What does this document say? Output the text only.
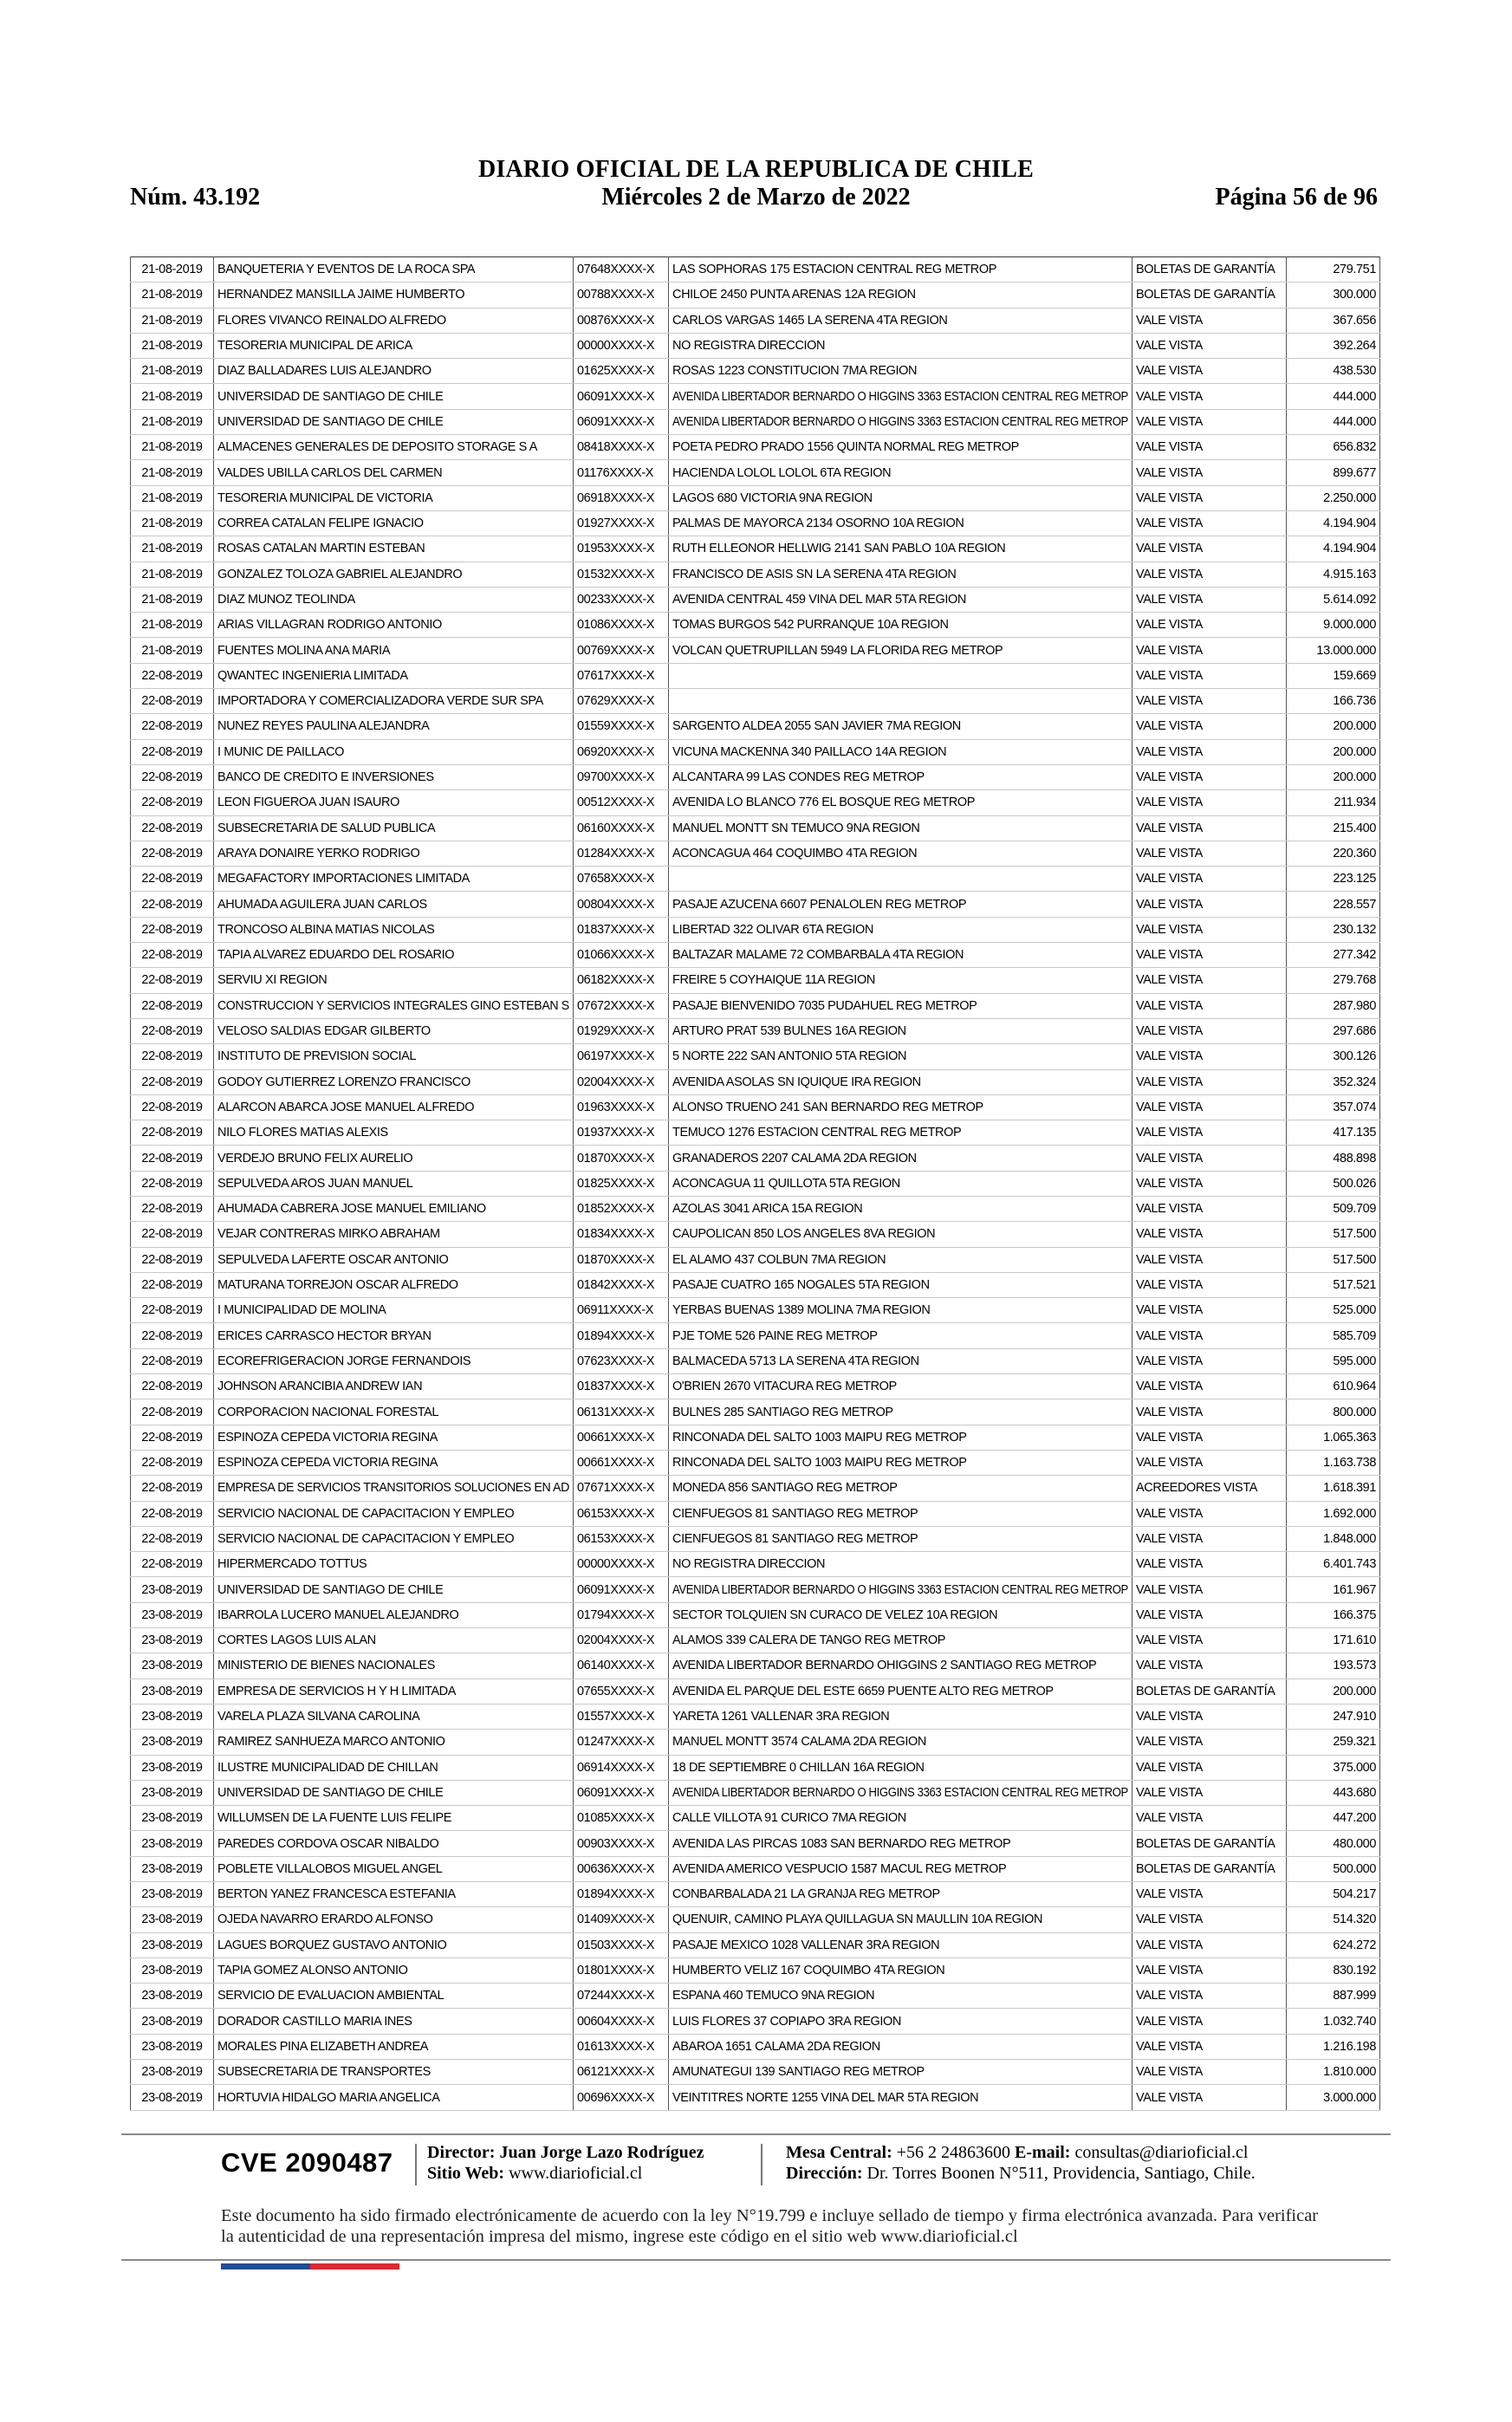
DIARIO OFICIAL DE LA REPUBLICA DE CHILE
Núm. 43.192	Miércoles 2 de Marzo de 2022	Página 56 de 96
21-08-2019	BANQUETERIA Y EVENTOS DE LA ROCA SPA	07648XXXX-X	LAS SOPHORAS 175 ESTACION CENTRAL REG METROP	BOLETAS DE GARANTÍA	279.751
21-08-2019	HERNANDEZ MANSILLA JAIME HUMBERTO	00788XXXX-X	CHILOE 2450 PUNTA ARENAS 12A REGION	BOLETAS DE GARANTÍA	300.000
21-08-2019	FLORES VIVANCO REINALDO ALFREDO	00876XXXX-X	CARLOS VARGAS 1465 LA SERENA 4TA REGION	VALE VISTA	367.656
21-08-2019	TESORERIA MUNICIPAL DE ARICA	00000XXXX-X	NO REGISTRA DIRECCION	VALE VISTA	392.264
21-08-2019	DIAZ BALLADARES LUIS ALEJANDRO	01625XXXX-X	ROSAS 1223 CONSTITUCION 7MA REGION	VALE VISTA	438.530
21-08-2019	UNIVERSIDAD DE SANTIAGO DE CHILE	06091XXXX-X	AVENIDA LIBERTADOR BERNARDO O HIGGINS 3363 ESTACION CENTRAL REG METROP	VALE VISTA	444.000
21-08-2019	UNIVERSIDAD DE SANTIAGO DE CHILE	06091XXXX-X	AVENIDA LIBERTADOR BERNARDO O HIGGINS 3363 ESTACION CENTRAL REG METROP	VALE VISTA	444.000
21-08-2019	ALMACENES GENERALES DE DEPOSITO STORAGE S A	08418XXXX-X	POETA PEDRO PRADO 1556 QUINTA NORMAL REG METROP	VALE VISTA	656.832
21-08-2019	VALDES UBILLA CARLOS DEL CARMEN	01176XXXX-X	HACIENDA LOLOL LOLOL 6TA REGION	VALE VISTA	899.677
21-08-2019	TESORERIA MUNICIPAL DE VICTORIA	06918XXXX-X	LAGOS 680 VICTORIA 9NA REGION	VALE VISTA	2.250.000
21-08-2019	CORREA CATALAN FELIPE IGNACIO	01927XXXX-X	PALMAS DE MAYORCA 2134 OSORNO 10A REGION	VALE VISTA	4.194.904
21-08-2019	ROSAS CATALAN MARTIN ESTEBAN	01953XXXX-X	RUTH ELLEONOR HELLWIG 2141 SAN PABLO 10A REGION	VALE VISTA	4.194.904
21-08-2019	GONZALEZ TOLOZA GABRIEL ALEJANDRO	01532XXXX-X	FRANCISCO DE ASIS SN LA SERENA 4TA REGION	VALE VISTA	4.915.163
21-08-2019	DIAZ MUNOZ TEOLINDA	00233XXXX-X	AVENIDA CENTRAL 459 VINA DEL MAR 5TA REGION	VALE VISTA	5.614.092
21-08-2019	ARIAS VILLAGRAN RODRIGO ANTONIO	01086XXXX-X	TOMAS BURGOS 542 PURRANQUE 10A REGION	VALE VISTA	9.000.000
21-08-2019	FUENTES MOLINA ANA MARIA	00769XXXX-X	VOLCAN QUETRUPILLAN 5949 LA FLORIDA REG METROP	VALE VISTA	13.000.000
22-08-2019	QWANTEC INGENIERIA LIMITADA	07617XXXX-X		VALE VISTA	159.669
22-08-2019	IMPORTADORA Y COMERCIALIZADORA VERDE SUR SPA	07629XXXX-X		VALE VISTA	166.736
22-08-2019	NUNEZ REYES PAULINA ALEJANDRA	01559XXXX-X	SARGENTO ALDEA 2055 SAN JAVIER 7MA REGION	VALE VISTA	200.000
22-08-2019	I MUNIC DE PAILLACO	06920XXXX-X	VICUNA MACKENNA 340 PAILLACO 14A REGION	VALE VISTA	200.000
22-08-2019	BANCO DE CREDITO E INVERSIONES	09700XXXX-X	ALCANTARA 99 LAS CONDES REG METROP	VALE VISTA	200.000
22-08-2019	LEON FIGUEROA JUAN ISAURO	00512XXXX-X	AVENIDA LO BLANCO 776 EL BOSQUE REG METROP	VALE VISTA	211.934
22-08-2019	SUBSECRETARIA DE SALUD PUBLICA	06160XXXX-X	MANUEL MONTT SN TEMUCO 9NA REGION	VALE VISTA	215.400
22-08-2019	ARAYA DONAIRE YERKO RODRIGO	01284XXXX-X	ACONCAGUA 464 COQUIMBO 4TA REGION	VALE VISTA	220.360
22-08-2019	MEGAFACTORY IMPORTACIONES LIMITADA	07658XXXX-X		VALE VISTA	223.125
22-08-2019	AHUMADA AGUILERA JUAN CARLOS	00804XXXX-X	PASAJE AZUCENA 6607 PENALOLEN REG METROP	VALE VISTA	228.557
22-08-2019	TRONCOSO ALBINA MATIAS NICOLAS	01837XXXX-X	LIBERTAD 322 OLIVAR 6TA REGION	VALE VISTA	230.132
22-08-2019	TAPIA ALVAREZ EDUARDO DEL ROSARIO	01066XXXX-X	BALTAZAR MALAME 72 COMBARBALA 4TA REGION	VALE VISTA	277.342
22-08-2019	SERVIU XI REGION	06182XXXX-X	FREIRE 5 COYHAIQUE 11A REGION	VALE VISTA	279.768
22-08-2019	CONSTRUCCION Y SERVICIOS INTEGRALES GINO ESTEBAN S	07672XXXX-X	PASAJE BIENVENIDO 7035 PUDAHUEL REG METROP	VALE VISTA	287.980
22-08-2019	VELOSO SALDIAS EDGAR GILBERTO	01929XXXX-X	ARTURO PRAT 539 BULNES 16A REGION	VALE VISTA	297.686
22-08-2019	INSTITUTO DE PREVISION SOCIAL	06197XXXX-X	5 NORTE 222 SAN ANTONIO 5TA REGION	VALE VISTA	300.126
22-08-2019	GODOY GUTIERREZ LORENZO FRANCISCO	02004XXXX-X	AVENIDA ASOLAS SN IQUIQUE IRA REGION	VALE VISTA	352.324
22-08-2019	ALARCON ABARCA JOSE MANUEL ALFREDO	01963XXXX-X	ALONSO TRUENO 241 SAN BERNARDO REG METROP	VALE VISTA	357.074
22-08-2019	NILO FLORES MATIAS ALEXIS	01937XXXX-X	TEMUCO 1276 ESTACION CENTRAL REG METROP	VALE VISTA	417.135
22-08-2019	VERDEJO BRUNO FELIX AURELIO	01870XXXX-X	GRANADEROS 2207 CALAMA 2DA REGION	VALE VISTA	488.898
22-08-2019	SEPULVEDA AROS JUAN MANUEL	01825XXXX-X	ACONCAGUA 11 QUILLOTA 5TA REGION	VALE VISTA	500.026
22-08-2019	AHUMADA CABRERA JOSE MANUEL EMILIANO	01852XXXX-X	AZOLAS 3041 ARICA 15A REGION	VALE VISTA	509.709
22-08-2019	VEJAR CONTRERAS MIRKO ABRAHAM	01834XXXX-X	CAUPOLICAN 850 LOS ANGELES 8VA REGION	VALE VISTA	517.500
22-08-2019	SEPULVEDA LAFERTE OSCAR ANTONIO	01870XXXX-X	EL ALAMO 437 COLBUN 7MA REGION	VALE VISTA	517.500
22-08-2019	MATURANA TORREJON OSCAR ALFREDO	01842XXXX-X	PASAJE CUATRO 165 NOGALES 5TA REGION	VALE VISTA	517.521
22-08-2019	I MUNICIPALIDAD DE MOLINA	06911XXXX-X	YERBAS BUENAS 1389 MOLINA 7MA REGION	VALE VISTA	525.000
22-08-2019	ERICES CARRASCO HECTOR BRYAN	01894XXXX-X	PJE TOME 526 PAINE REG METROP	VALE VISTA	585.709
22-08-2019	ECOREFRIGERACION JORGE FERNANDOIS	07623XXXX-X	BALMACEDA 5713 LA SERENA 4TA REGION	VALE VISTA	595.000
22-08-2019	JOHNSON ARANCIBIA ANDREW IAN	01837XXXX-X	O'BRIEN 2670 VITACURA REG METROP	VALE VISTA	610.964
22-08-2019	CORPORACION NACIONAL FORESTAL	06131XXXX-X	BULNES 285 SANTIAGO REG METROP	VALE VISTA	800.000
22-08-2019	ESPINOZA CEPEDA VICTORIA REGINA	00661XXXX-X	RINCONADA DEL SALTO 1003 MAIPU REG METROP	VALE VISTA	1.065.363
22-08-2019	ESPINOZA CEPEDA VICTORIA REGINA	00661XXXX-X	RINCONADA DEL SALTO 1003 MAIPU REG METROP	VALE VISTA	1.163.738
22-08-2019	EMPRESA DE SERVICIOS TRANSITORIOS SOLUCIONES EN AD	07671XXXX-X	MONEDA 856 SANTIAGO REG METROP	ACREEDORES VISTA	1.618.391
22-08-2019	SERVICIO NACIONAL DE CAPACITACION Y EMPLEO	06153XXXX-X	CIENFUEGOS 81 SANTIAGO REG METROP	VALE VISTA	1.692.000
22-08-2019	SERVICIO NACIONAL DE CAPACITACION Y EMPLEO	06153XXXX-X	CIENFUEGOS 81 SANTIAGO REG METROP	VALE VISTA	1.848.000
22-08-2019	HIPERMERCADO TOTTUS	00000XXXX-X	NO REGISTRA DIRECCION	VALE VISTA	6.401.743
23-08-2019	UNIVERSIDAD DE SANTIAGO DE CHILE	06091XXXX-X	AVENIDA LIBERTADOR BERNARDO O HIGGINS 3363 ESTACION CENTRAL REG METROP	VALE VISTA	161.967
23-08-2019	IBARROLA LUCERO MANUEL ALEJANDRO	01794XXXX-X	SECTOR TOLQUIEN SN CURACO DE VELEZ 10A REGION	VALE VISTA	166.375
23-08-2019	CORTES LAGOS LUIS ALAN	02004XXXX-X	ALAMOS 339 CALERA DE TANGO REG METROP	VALE VISTA	171.610
23-08-2019	MINISTERIO DE BIENES NACIONALES	06140XXXX-X	AVENIDA LIBERTADOR BERNARDO OHIGGINS 2 SANTIAGO REG METROP	VALE VISTA	193.573
23-08-2019	EMPRESA DE SERVICIOS H Y H LIMITADA	07655XXXX-X	AVENIDA EL PARQUE DEL ESTE 6659 PUENTE ALTO REG METROP	BOLETAS DE GARANTÍA	200.000
23-08-2019	VARELA PLAZA SILVANA CAROLINA	01557XXXX-X	YARETA 1261 VALLENAR 3RA REGION	VALE VISTA	247.910
23-08-2019	RAMIREZ SANHUEZA MARCO ANTONIO	01247XXXX-X	MANUEL MONTT 3574 CALAMA 2DA REGION	VALE VISTA	259.321
23-08-2019	ILUSTRE MUNICIPALIDAD DE CHILLAN	06914XXXX-X	18 DE SEPTIEMBRE 0 CHILLAN 16A REGION	VALE VISTA	375.000
23-08-2019	UNIVERSIDAD DE SANTIAGO DE CHILE	06091XXXX-X	AVENIDA LIBERTADOR BERNARDO O HIGGINS 3363 ESTACION CENTRAL REG METROP	VALE VISTA	443.680
23-08-2019	WILLUMSEN DE LA FUENTE LUIS FELIPE	01085XXXX-X	CALLE VILLOTA 91 CURICO 7MA REGION	VALE VISTA	447.200
23-08-2019	PAREDES CORDOVA OSCAR NIBALDO	00903XXXX-X	AVENIDA LAS PIRCAS 1083 SAN BERNARDO REG METROP	BOLETAS DE GARANTÍA	480.000
23-08-2019	POBLETE VILLALOBOS MIGUEL ANGEL	00636XXXX-X	AVENIDA AMERICO VESPUCIO 1587 MACUL REG METROP	BOLETAS DE GARANTÍA	500.000
23-08-2019	BERTON YANEZ FRANCESCA ESTEFANIA	01894XXXX-X	CONBARBALADA 21 LA GRANJA REG METROP	VALE VISTA	504.217
23-08-2019	OJEDA NAVARRO ERARDO ALFONSO	01409XXXX-X	QUENUIR, CAMINO PLAYA QUILLAGUA SN MAULLIN 10A REGION	VALE VISTA	514.320
23-08-2019	LAGUES BORQUEZ GUSTAVO ANTONIO	01503XXXX-X	PASAJE MEXICO 1028 VALLENAR 3RA REGION	VALE VISTA	624.272
23-08-2019	TAPIA GOMEZ ALONSO ANTONIO	01801XXXX-X	HUMBERTO VELIZ 167 COQUIMBO 4TA REGION	VALE VISTA	830.192
23-08-2019	SERVICIO DE EVALUACION AMBIENTAL	07244XXXX-X	ESPANA 460 TEMUCO 9NA REGION	VALE VISTA	887.999
23-08-2019	DORADOR CASTILLO MARIA INES	00604XXXX-X	LUIS FLORES 37 COPIAPO 3RA REGION	VALE VISTA	1.032.740
23-08-2019	MORALES PINA ELIZABETH ANDREA	01613XXXX-X	ABAROA 1651 CALAMA 2DA REGION	VALE VISTA	1.216.198
23-08-2019	SUBSECRETARIA DE TRANSPORTES	06121XXXX-X	AMUNATEGUI 139 SANTIAGO REG METROP	VALE VISTA	1.810.000
23-08-2019	HORTUVIA HIDALGO MARIA ANGELICA	00696XXXX-X	VEINTITRES NORTE 1255 VINA DEL MAR 5TA REGION	VALE VISTA	3.000.000
CVE 2090487 Director: Juan Jorge Lazo Rodríguez
Sitio Web: www.diarioficial.cl
Mesa Central: +56 2 24863600 E-mail: consultas@diarioficial.cl
Dirección: Dr. Torres Boonen N°511, Providencia, Santiago, Chile.
Este documento ha sido firmado electrónicamente de acuerdo con la ley N°19.799 e incluye sellado de tiempo y firma electrónica avanzada. Para verificar la autenticidad de una representación impresa del mismo, ingrese este código en el sitio web www.diarioficial.cl
